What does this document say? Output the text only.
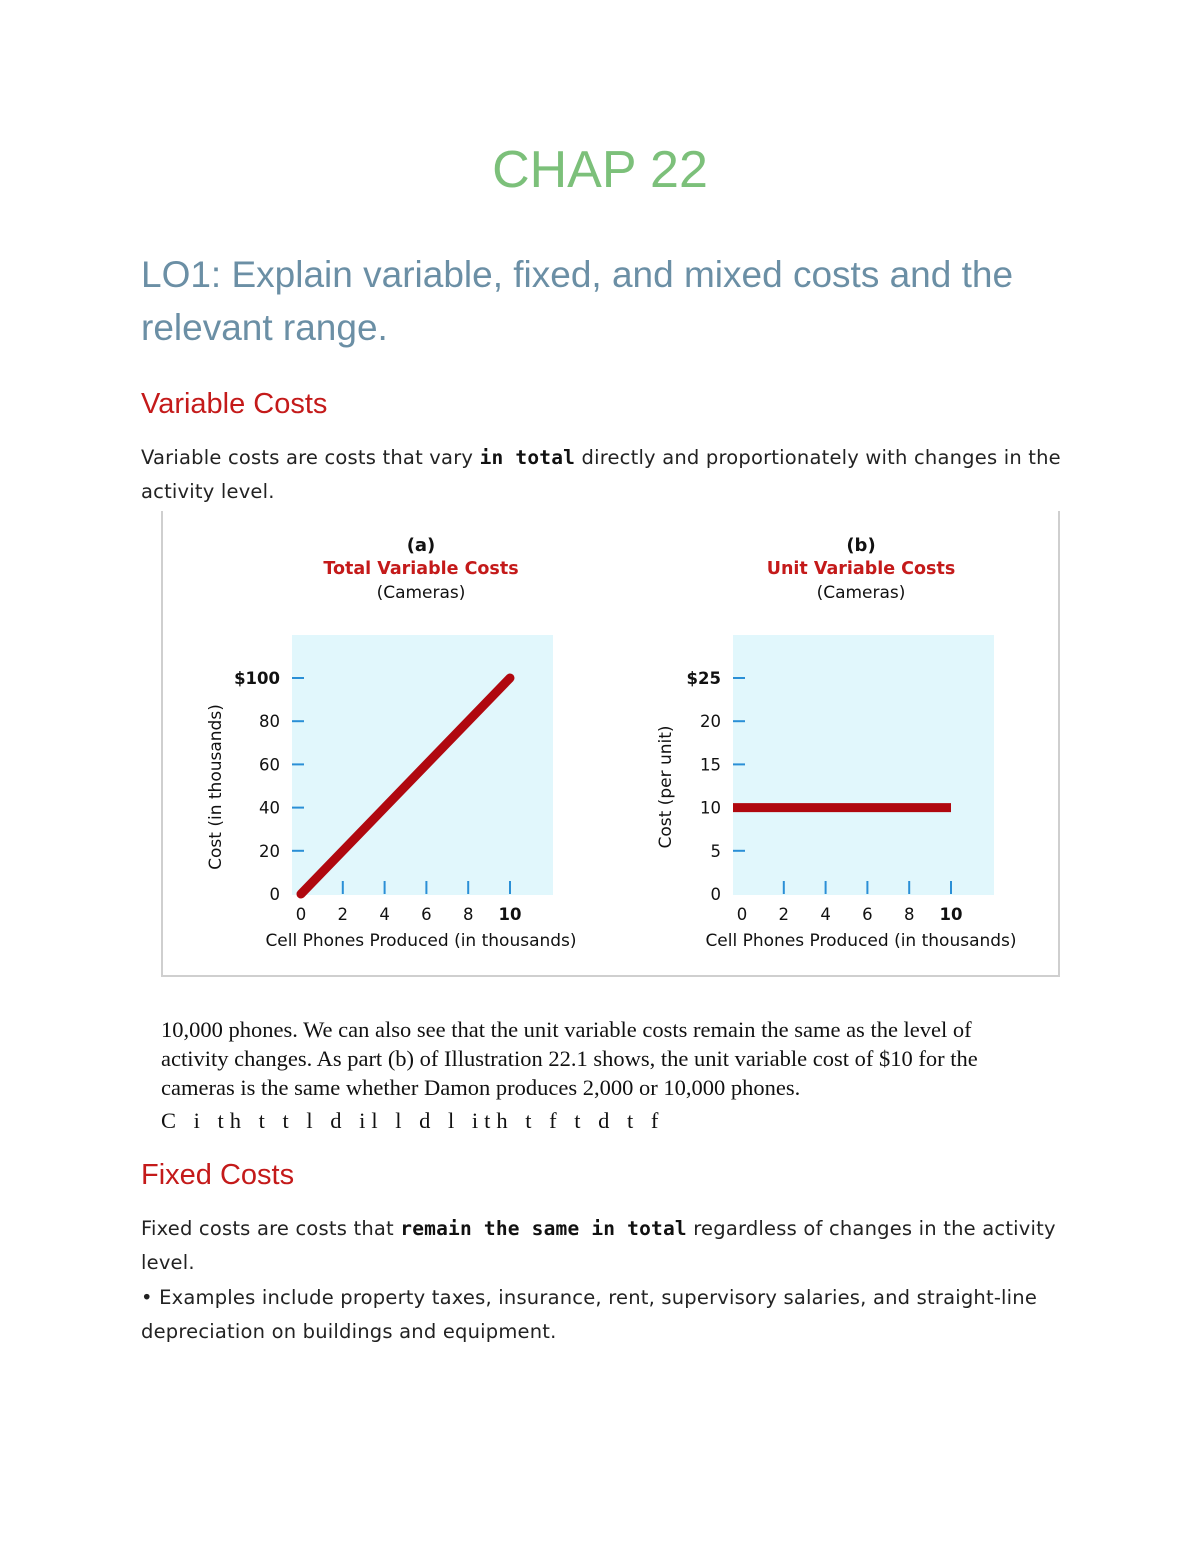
CHAP 22
LO1: Explain variable, fixed, and mixed costs and the relevant range.
Variable Costs

Variable costs are costs that vary in total directly and proportionately with changes in the activity level.

(a)
Total Variable Costs
(Cameras)
0
20
40
60
80
$100
0 2 4 6 8 10
Cell Phones Produced (in thousands)
Cost (in thousands)
(b)
Unit Variable Costs
(Cameras)
0
5
10
15
20
$25
0 2 4 6 8 10
Cell Phones Produced (in thousands)
Cost (per unit)
10,000 phones. We can also see that the unit variable costs remain the same as the level of
activity changes. As part (b) of Illustration 22.1 shows, the unit variable cost of $10 for the
cameras is the same whether Damon produces 2,000 or 10,000 phones.
C i th t t l d il l d l ith t f t d t f
Fixed Costs

Fixed costs are costs that remain the same in total regardless of changes in the activity level.

• Examples include property taxes, insurance, rent, supervisory salaries, and straight-line depreciation on buildings and equipment.
